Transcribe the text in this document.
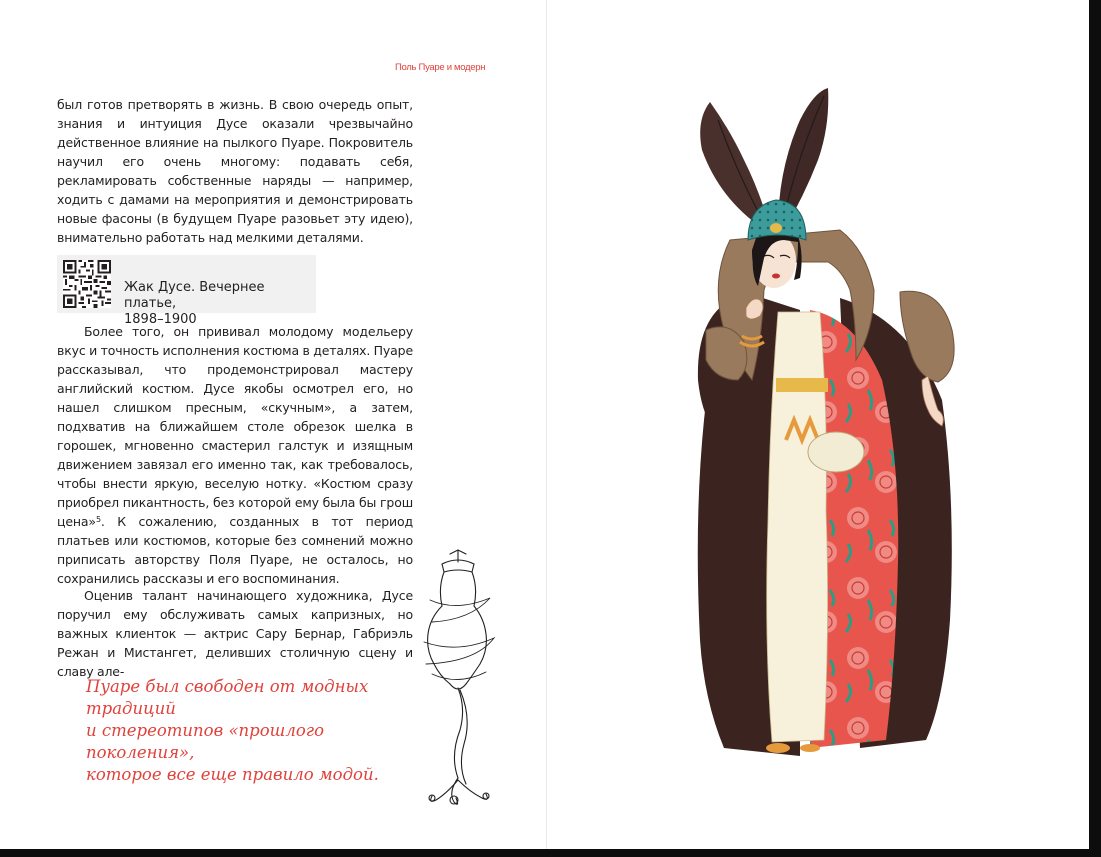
Поль Пуаре и модерн

был готов претворять в жизнь. В свою очередь опыт, знания и интуиция Дусе оказали чрезвычайно действенное влияние на пылкого Пуаре. Покровитель научил его очень многому: подавать себя, рекламировать собственные наряды — например, ходить с дамами на мероприятия и демонстрировать новые фасоны (в будущем Пуаре разовьет эту идею), внимательно работать над мелкими деталями.

Жак Дусе. Вечернее платье,
1898–1900

Более того, он прививал молодому модельеру вкус и точность исполнения костюма в деталях. Пуаре рассказывал, что продемонстрировал мастеру английский костюм. Дусе якобы осмотрел его, но нашел слишком пресным, «скучным», а затем, подхватив на ближайшем столе обрезок шелка в горошек, мгновенно смастерил галстук и изящным движением завязал его именно так, как требовалось, чтобы внести яркую, веселую нотку. «Костюм сразу приобрел пикантность, без которой ему была бы грош цена»$^5$. К сожалению, созданных в тот период платьев или костюмов, которые без сомнений можно приписать авторству Поля Пуаре, не осталось, но сохранились рассказы и его воспоминания.

Оценив талант начинающего художника, Дусе поручил ему обслуживать самых капризных, но важных клиенток — актрис Сару Бернар, Габриэль Режан и Мистангет, деливших столичную сцену и славу але-

Пуаре был свободен от модных традиций
и стереотипов «прошлого поколения»,
которое все еще правило модой.
